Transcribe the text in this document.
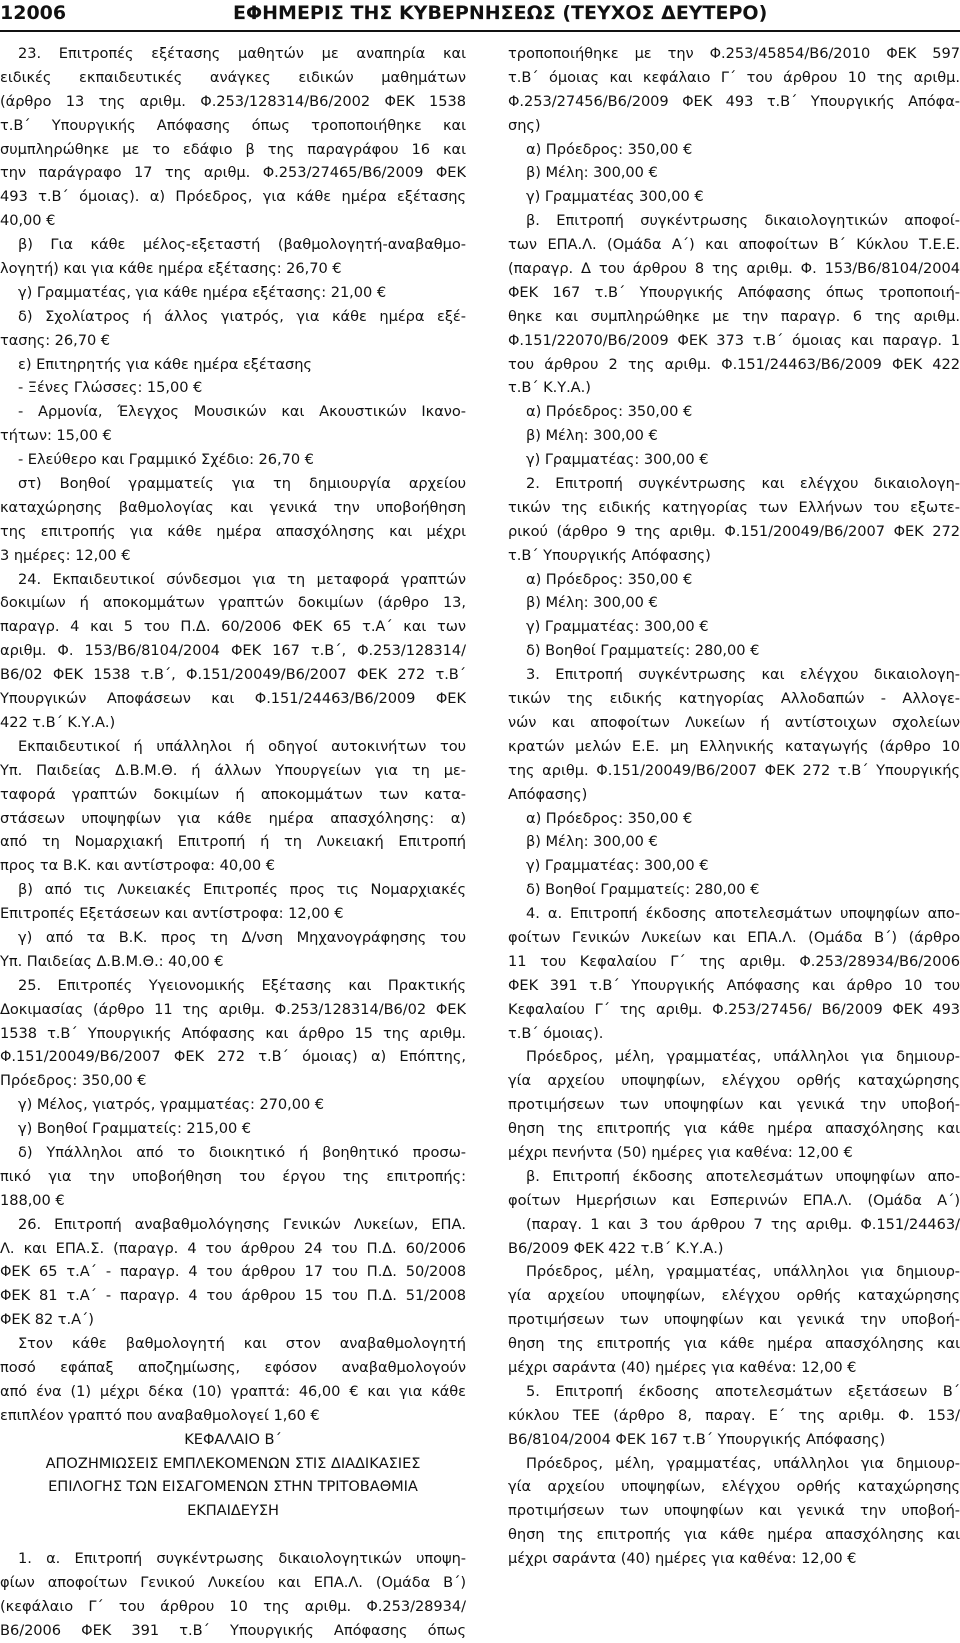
12006	ΕΦΗΜΕΡΙΣ ΤΗΣ ΚΥΒΕΡΝΗΣΕΩΣ (ΤΕΥΧΟΣ ΔΕΥΤΕΡΟ)
23. Επιτροπές εξέτασης μαθητών με αναπηρία και
ειδικές εκπαιδευτικές ανάγκες ειδικών μαθημάτων
(άρθρο 13 της αριθμ. Φ.253/128314/Β6/2002 ΦΕΚ 1538
τ.Β΄ Υπουργικής Απόφασης όπως τροποποιήθηκε και
συμπληρώθηκε με το εδάφιο β της παραγράφου 16 και
την παράγραφο 17 της αριθμ. Φ.253/27465/Β6/2009 ΦΕΚ
493 τ.Β΄ όμοιας). α) Πρόεδρος, για κάθε ημέρα εξέτασης
40,00 €
β) Για κάθε μέλος-εξεταστή (βαθμολογητή-αναβαθμο-
λογητή) και για κάθε ημέρα εξέτασης: 26,70 €
γ) Γραμματέας, για κάθε ημέρα εξέτασης: 21,00 €
δ) Σχολίατρος ή άλλος γιατρός, για κάθε ημέρα εξέ-
τασης: 26,70 €
ε) Επιτηρητής για κάθε ημέρα εξέτασης
- Ξένες Γλώσσες: 15,00 €
- Αρμονία, Έλεγχος Μουσικών και Ακουστικών Ικανο-
τήτων: 15,00 €
- Ελεύθερο και Γραμμικό Σχέδιο: 26,70 €
στ) Βοηθοί γραμματείς για τη δημιουργία αρχείου
καταχώρησης βαθμολογίας και γενικά την υποβοήθηση
της επιτροπής για κάθε ημέρα απασχόλησης και μέχρι
3 ημέρες: 12,00 €
24. Εκπαιδευτικοί σύνδεσμοι για τη μεταφορά γραπτών
δοκιμίων ή αποκομμάτων γραπτών δοκιμίων (άρθρο 13,
παραγρ. 4 και 5 του Π.Δ. 60/2006 ΦΕΚ 65 τ.Α΄ και των
αριθμ. Φ. 153/Β6/8104/2004 ΦΕΚ 167 τ.Β΄, Φ.253/128314/
Β6/02 ΦΕΚ 1538 τ.Β΄, Φ.151/20049/Β6/2007 ΦΕΚ 272 τ.Β΄
Υπουργικών Αποφάσεων και Φ.151/24463/Β6/2009 ΦΕΚ
422 τ.Β΄ Κ.Υ.Α.)
Εκπαιδευτικοί ή υπάλληλοι ή οδηγοί αυτοκινήτων του
Υπ. Παιδείας Δ.Β.Μ.Θ. ή άλλων Υπουργείων για τη με-
ταφορά γραπτών δοκιμίων ή αποκομμάτων των κατα-
στάσεων υποψηφίων για κάθε ημέρα απασχόλησης: α)
από τη Νομαρχιακή Επιτροπή ή τη Λυκειακή Επιτροπή
προς τα Β.Κ. και αντίστροφα: 40,00 €
β) από τις Λυκειακές Επιτροπές προς τις Νομαρχιακές
Επιτροπές Εξετάσεων και αντίστροφα: 12,00 €
γ) από τα Β.Κ. προς τη Δ/νση Μηχανογράφησης του
Υπ. Παιδείας Δ.Β.Μ.Θ.: 40,00 €
25. Επιτροπές Υγειονομικής Εξέτασης και Πρακτικής
Δοκιμασίας (άρθρο 11 της αριθμ. Φ.253/128314/Β6/02 ΦΕΚ
1538 τ.Β΄ Υπουργικής Απόφασης και άρθρο 15 της αριθμ.
Φ.151/20049/Β6/2007 ΦΕΚ 272 τ.Β΄ όμοιας) α) Επόπτης,
Πρόεδρος: 350,00 €
γ) Μέλος, γιατρός, γραμματέας: 270,00 €
γ) Βοηθοί Γραμματείς: 215,00 €
δ) Υπάλληλοι από το διοικητικό ή βοηθητικό προσω-
πικό για την υποβοήθηση του έργου της επιτροπής:
188,00 €
26. Επιτροπή αναβαθμολόγησης Γενικών Λυκείων, ΕΠΑ.
Λ. και ΕΠΑ.Σ. (παραγρ. 4 του άρθρου 24 του Π.Δ. 60/2006
ΦΕΚ 65 τ.Α΄ - παραγρ. 4 του άρθρου 17 του Π.Δ. 50/2008
ΦΕΚ 81 τ.Α΄ - παραγρ. 4 του άρθρου 15 του Π.Δ. 51/2008
ΦΕΚ 82 τ.Α΄)
Στον κάθε βαθμολογητή και στον αναβαθμολογητή
ποσό εφάπαξ αποζημίωσης, εφόσον αναβαθμολογούν
από ένα (1) μέχρι δέκα (10) γραπτά: 46,00 € και για κάθε
επιπλέον γραπτό που αναβαθμολογεί 1,60 €
ΚΕΦΑΛΑΙΟ Β΄
ΑΠΟΖΗΜΙΩΣΕΙΣ ΕΜΠΛΕΚΟΜΕΝΩΝ ΣΤΙΣ ΔΙΑΔΙΚΑΣΙΕΣ
ΕΠΙΛΟΓΗΣ ΤΩΝ ΕΙΣΑΓΟΜΕΝΩΝ ΣΤΗΝ ΤΡΙΤΟΒΑΘΜΙΑ
ΕΚΠΑΙΔΕΥΣΗ
1. α. Επιτροπή συγκέντρωσης δικαιολογητικών υποψη-
φίων αποφοίτων Γενικού Λυκείου και ΕΠΑ.Λ. (Ομάδα Β΄)
(κεφάλαιο Γ΄ του άρθρου 10 της αριθμ. Φ.253/28934/
Β6/2006 ΦΕΚ 391 τ.Β΄ Υπουργικής Απόφασης όπως
τροποποιήθηκε με την Φ.253/45854/Β6/2010 ΦΕΚ 597
τ.Β΄ όμοιας και κεφάλαιο Γ΄ του άρθρου 10 της αριθμ.
Φ.253/27456/Β6/2009 ΦΕΚ 493 τ.Β΄ Υπουργικής Απόφα-
σης)
α) Πρόεδρος: 350,00 €
β) Μέλη: 300,00 €
γ) Γραμματέας 300,00 €
β. Επιτροπή συγκέντρωσης δικαιολογητικών αποφοί-
των ΕΠΑ.Λ. (Ομάδα Α΄) και αποφοίτων Β΄ Κύκλου Τ.Ε.Ε.
(παραγρ. Δ του άρθρου 8 της αριθμ. Φ. 153/Β6/8104/2004
ΦΕΚ 167 τ.Β΄ Υπουργικής Απόφασης όπως τροποποιή-
θηκε και συμπληρώθηκε με την παραγρ. 6 της αριθμ.
Φ.151/22070/Β6/2009 ΦΕΚ 373 τ.Β΄ όμοιας και παραγρ. 1
του άρθρου 2 της αριθμ. Φ.151/24463/Β6/2009 ΦΕΚ 422
τ.Β΄ Κ.Υ.Α.)
α) Πρόεδρος: 350,00 €
β) Μέλη: 300,00 €
γ) Γραμματέας: 300,00 €
2. Επιτροπή συγκέντρωσης και ελέγχου δικαιολογη-
τικών της ειδικής κατηγορίας των Ελλήνων του εξωτε-
ρικού (άρθρο 9 της αριθμ. Φ.151/20049/Β6/2007 ΦΕΚ 272
τ.Β΄ Υπουργικής Απόφασης)
α) Πρόεδρος: 350,00 €
β) Μέλη: 300,00 €
γ) Γραμματέας: 300,00 €
δ) Βοηθοί Γραμματείς: 280,00 €
3. Επιτροπή συγκέντρωσης και ελέγχου δικαιολογη-
τικών της ειδικής κατηγορίας Αλλοδαπών - Αλλογε-
νών και αποφοίτων Λυκείων ή αντίστοιχων σχολείων
κρατών μελών Ε.Ε. μη Ελληνικής καταγωγής (άρθρο 10
της αριθμ. Φ.151/20049/Β6/2007 ΦΕΚ 272 τ.Β΄ Υπουργικής
Απόφασης)
α) Πρόεδρος: 350,00 €
β) Μέλη: 300,00 €
γ) Γραμματέας: 300,00 €
δ) Βοηθοί Γραμματείς: 280,00 €
4. α. Επιτροπή έκδοσης αποτελεσμάτων υποψηφίων απο-
φοίτων Γενικών Λυκείων και ΕΠΑ.Λ. (Ομάδα Β΄) (άρθρο
11 του Κεφαλαίου Γ΄ της αριθμ. Φ.253/28934/Β6/2006
ΦΕΚ 391 τ.Β΄ Υπουργικής Απόφασης και άρθρο 10 του
Κεφαλαίου Γ΄ της αριθμ. Φ.253/27456/ Β6/2009 ΦΕΚ 493
τ.Β΄ όμοιας).
Πρόεδρος, μέλη, γραμματέας, υπάλληλοι για δημιουρ-
γία αρχείου υποψηφίων, ελέγχου ορθής καταχώρησης
προτιμήσεων των υποψηφίων και γενικά την υποβοή-
θηση της επιτροπής για κάθε ημέρα απασχόλησης και
μέχρι πενήντα (50) ημέρες για καθένα: 12,00 €
β. Επιτροπή έκδοσης αποτελεσμάτων υποψηφίων απο-
φοίτων Ημερήσιων και Εσπερινών ΕΠΑ.Λ. (Ομάδα Α΄)
(παραγ. 1 και 3 του άρθρου 7 της αριθμ. Φ.151/24463/
Β6/2009 ΦΕΚ 422 τ.Β΄ Κ.Υ.Α.)
Πρόεδρος, μέλη, γραμματέας, υπάλληλοι για δημιουρ-
γία αρχείου υποψηφίων, ελέγχου ορθής καταχώρησης
προτιμήσεων των υποψηφίων και γενικά την υποβοή-
θηση της επιτροπής για κάθε ημέρα απασχόλησης και
μέχρι σαράντα (40) ημέρες για καθένα: 12,00 €
5. Επιτροπή έκδοσης αποτελεσμάτων εξετάσεων Β΄
κύκλου ΤΕΕ (άρθρο 8, παραγ. Ε΄ της αριθμ. Φ. 153/
Β6/8104/2004 ΦΕΚ 167 τ.Β΄ Υπουργικής Απόφασης)
Πρόεδρος, μέλη, γραμματέας, υπάλληλοι για δημιουρ-
γία αρχείου υποψηφίων, ελέγχου ορθής καταχώρησης
προτιμήσεων των υποψηφίων και γενικά την υποβοή-
θηση της επιτροπής για κάθε ημέρα απασχόλησης και
μέχρι σαράντα (40) ημέρες για καθένα: 12,00 €
